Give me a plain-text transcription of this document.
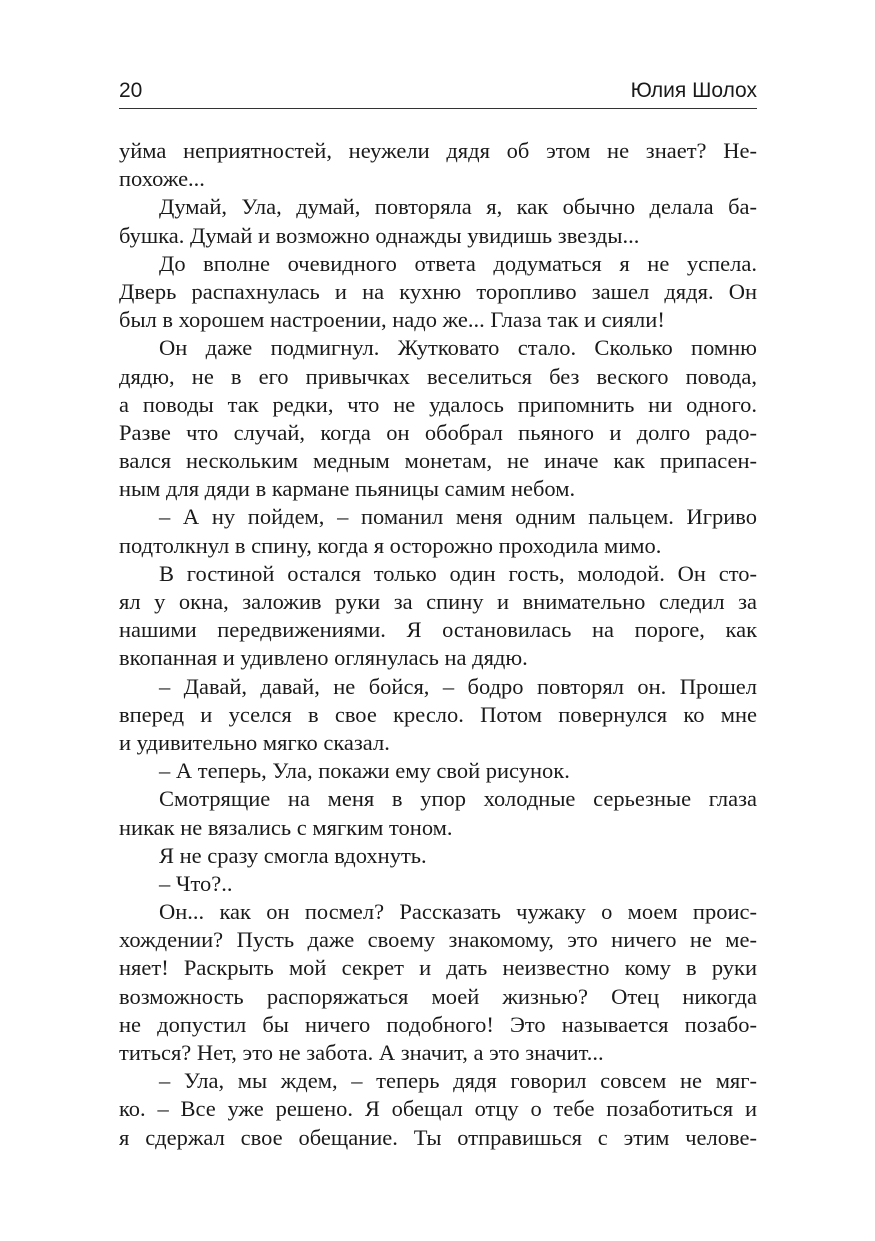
20	Юлия Шолох
уйма неприятностей, неужели дядя об этом не знает? Не-
похоже...
Думай, Ула, думай, повторяла я, как обычно делала ба-
бушка. Думай и возможно однажды увидишь звезды...
До вполне очевидного ответа додуматься я не успела.
Дверь распахнулась и на кухню торопливо зашел дядя. Он
был в хорошем настроении, надо же... Глаза так и сияли!
Он даже подмигнул. Жутковато стало. Сколько помню
дядю, не в его привычках веселиться без веского повода,
а поводы так редки, что не удалось припомнить ни одного.
Разве что случай, когда он обобрал пьяного и долго радо-
вался нескольким медным монетам, не иначе как припасен-
ным для дяди в кармане пьяницы самим небом.
– А ну пойдем, – поманил меня одним пальцем. Игриво
подтолкнул в спину, когда я осторожно проходила мимо.
В гостиной остался только один гость, молодой. Он сто-
ял у окна, заложив руки за спину и внимательно следил за
нашими передвижениями. Я остановилась на пороге, как
вкопанная и удивлено оглянулась на дядю.
– Давай, давай, не бойся, – бодро повторял он. Прошел
вперед и уселся в свое кресло. Потом повернулся ко мне
и удивительно мягко сказал.
– А теперь, Ула, покажи ему свой рисунок.
Смотрящие на меня в упор холодные серьезные глаза
никак не вязались с мягким тоном.
Я не сразу смогла вдохнуть.
– Что?..
Он... как он посмел? Рассказать чужаку о моем проис-
хождении? Пусть даже своему знакомому, это ничего не ме-
няет! Раскрыть мой секрет и дать неизвестно кому в руки
возможность распоряжаться моей жизнью? Отец никогда
не допустил бы ничего подобного! Это называется позабо-
титься? Нет, это не забота. А значит, а это значит...
– Ула, мы ждем, – теперь дядя говорил совсем не мяг-
ко. – Все уже решено. Я обещал отцу о тебе позаботиться и
я сдержал свое обещание. Ты отправишься с этим челове-
